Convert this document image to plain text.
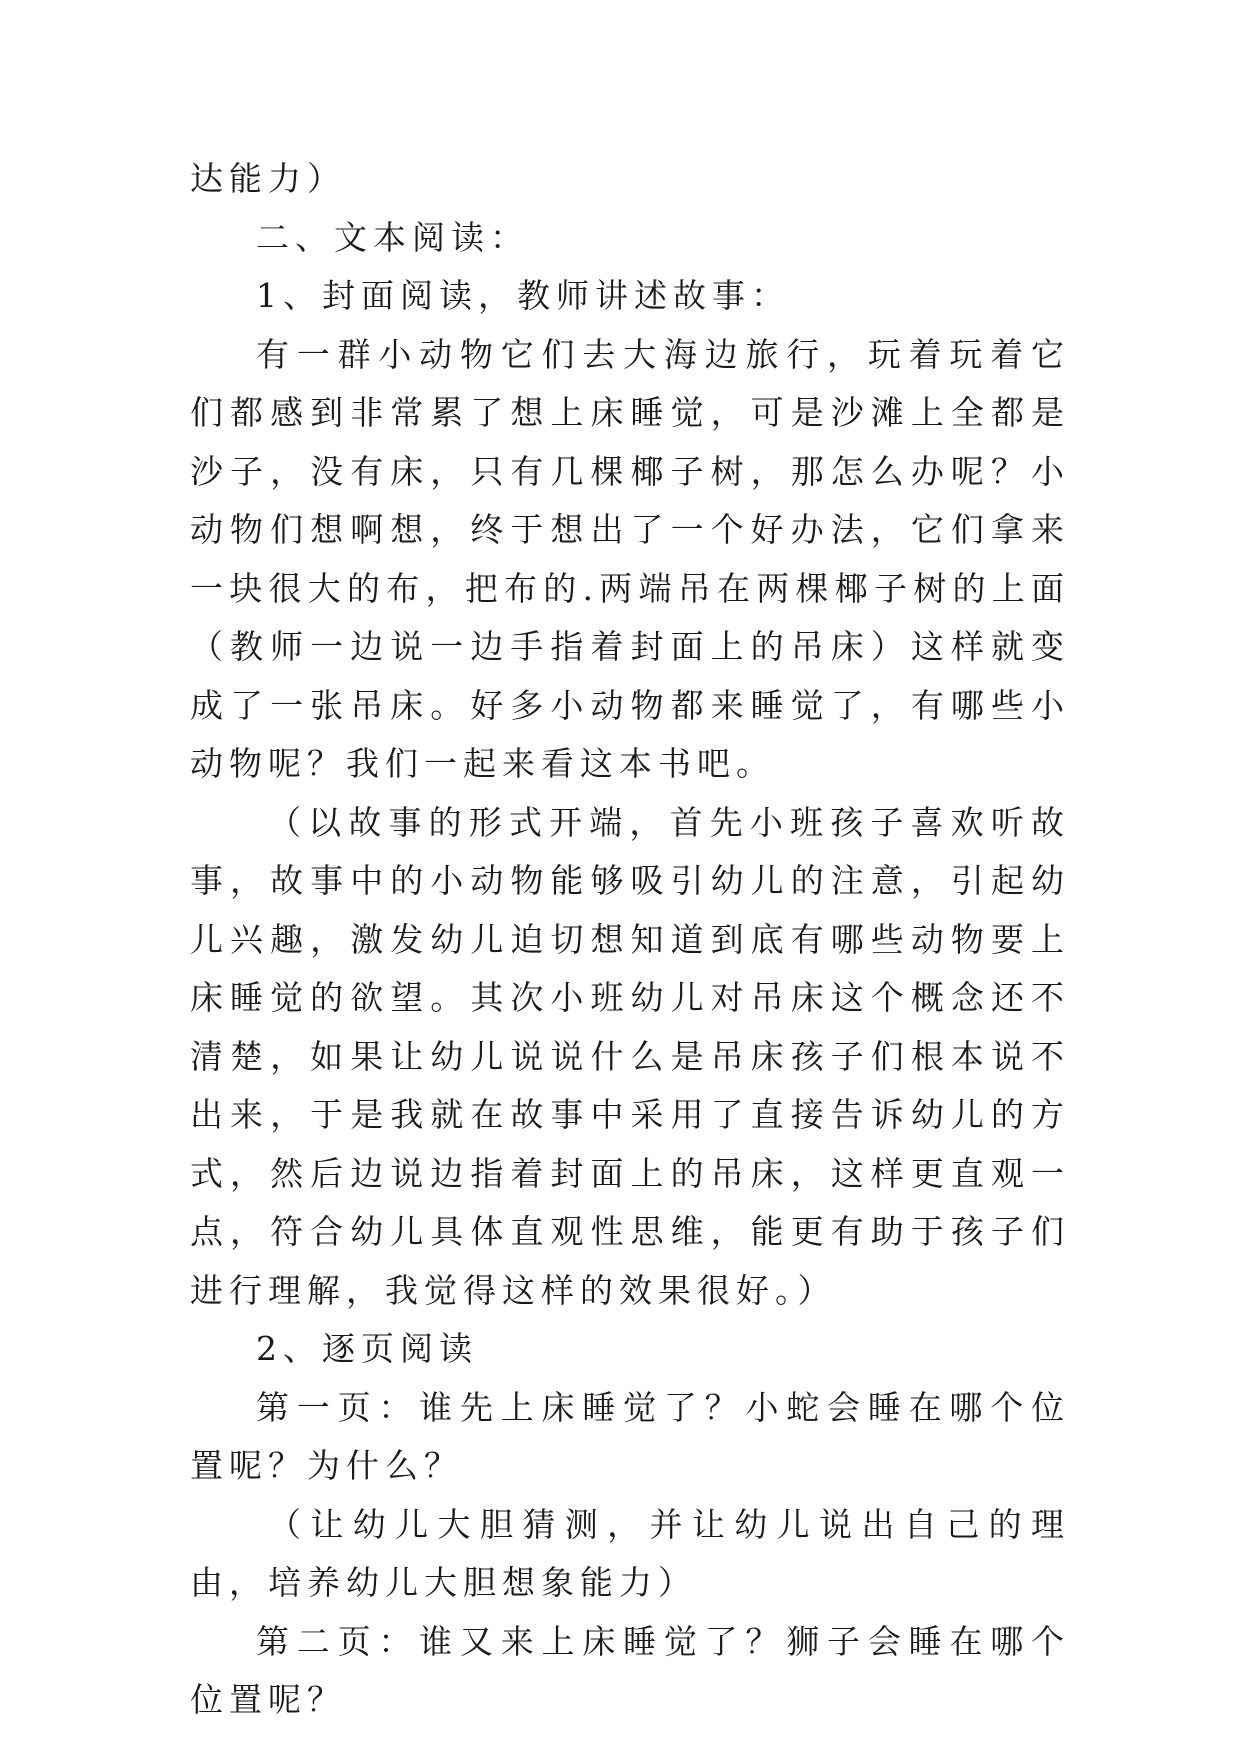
达能力）

二、文本阅读：

1、封面阅读，教师讲述故事：

有一群小动物它们去大海边旅行，玩着玩着它们都感到非常累了想上床睡觉，可是沙滩上全都是沙子，没有床，只有几棵椰子树，那怎么办呢？小动物们想啊想，终于想出了一个好办法，它们拿来一块很大的布，把布的.两端吊在两棵椰子树的上面（教师一边说一边手指着封面上的吊床）这样就变成了一张吊床。好多小动物都来睡觉了，有哪些小动物呢？我们一起来看这本书吧。

（以故事的形式开端，首先小班孩子喜欢听故事，故事中的小动物能够吸引幼儿的注意，引起幼儿兴趣，激发幼儿迫切想知道到底有哪些动物要上床睡觉的欲望。其次小班幼儿对吊床这个概念还不清楚，如果让幼儿说说什么是吊床孩子们根本说不出来，于是我就在故事中采用了直接告诉幼儿的方式，然后边说边指着封面上的吊床，这样更直观一点，符合幼儿具体直观性思维，能更有助于孩子们进行理解，我觉得这样的效果很好。）

2、逐页阅读

第一页：谁先上床睡觉了？小蛇会睡在哪个位置呢？为什么？

（让幼儿大胆猜测，并让幼儿说出自己的理由，培养幼儿大胆想象能力）

第二页：谁又来上床睡觉了？狮子会睡在哪个位置呢？
